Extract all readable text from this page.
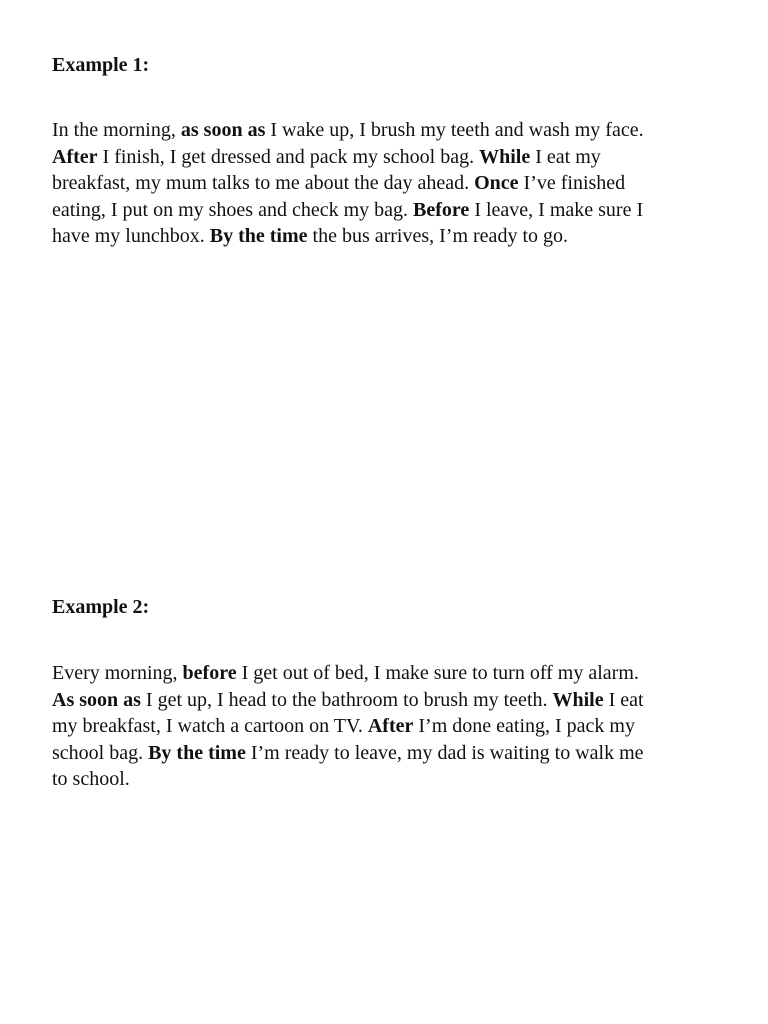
Example 1:

In the morning, as soon as I wake up, I brush my teeth and wash my face.
After I finish, I get dressed and pack my school bag. While I eat my
breakfast, my mum talks to me about the day ahead. Once I’ve finished
eating, I put on my shoes and check my bag. Before I leave, I make sure I
have my lunchbox. By the time the bus arrives, I’m ready to go.

Example 2:

Every morning, before I get out of bed, I make sure to turn off my alarm.
As soon as I get up, I head to the bathroom to brush my teeth. While I eat
my breakfast, I watch a cartoon on TV. After I’m done eating, I pack my
school bag. By the time I’m ready to leave, my dad is waiting to walk me
to school.
